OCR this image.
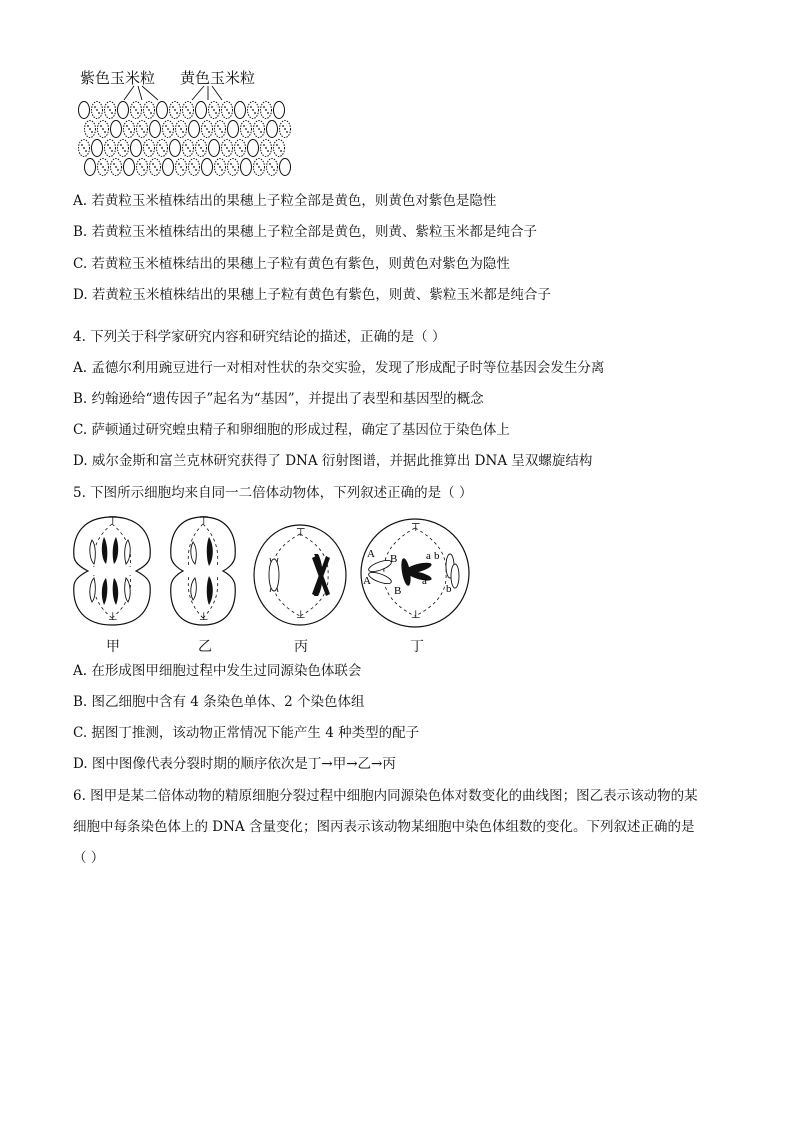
紫色玉米粒 黄色玉米粒
A. 若黄粒玉米植株结出的果穗上子粒全部是黄色，则黄色对紫色是隐性
B. 若黄粒玉米植株结出的果穗上子粒全部是黄色，则黄、紫粒玉米都是纯合子
C. 若黄粒玉米植株结出的果穗上子粒有黄色有紫色，则黄色对紫色为隐性
D. 若黄粒玉米植株结出的果穗上子粒有黄色有紫色，则黄、紫粒玉米都是纯合子
4. 下列关于科学家研究内容和研究结论的描述，正确的是（ ）
A. 孟德尔利用豌豆进行一对相对性状的杂交实验，发现了形成配子时等位基因会发生分离
B. 约翰逊给“遗传因子”起名为“基因”，并提出了表型和基因型的概念
C. 萨顿通过研究蝗虫精子和卵细胞的形成过程，确定了基因位于染色体上
D. 威尔金斯和富兰克林研究获得了 DNA 衍射图谱，并据此推算出 DNA 呈双螺旋结构
5. 下图所示细胞均来自同一二倍体动物体，下列叙述正确的是（ ）
⊤
⊥
⊤
⊥
⊤
⊥
⊤
⊥
A
A
B
B
a
a
b
b
甲	乙	丙	丁
A. 在形成图甲细胞过程中发生过同源染色体联会
B. 图乙细胞中含有 4 条染色单体、2 个染色体组
C. 据图丁推测，该动物正常情况下能产生 4 种类型的配子
D. 图中图像代表分裂时期的顺序依次是丁→甲→乙→丙
6. 图甲是某二倍体动物的精原细胞分裂过程中细胞内同源染色体对数变化的曲线图；图乙表示该动物的某
细胞中每条染色体上的 DNA 含量变化；图丙表示该动物某细胞中染色体组数的变化。下列叙述正确的是
（ ）
